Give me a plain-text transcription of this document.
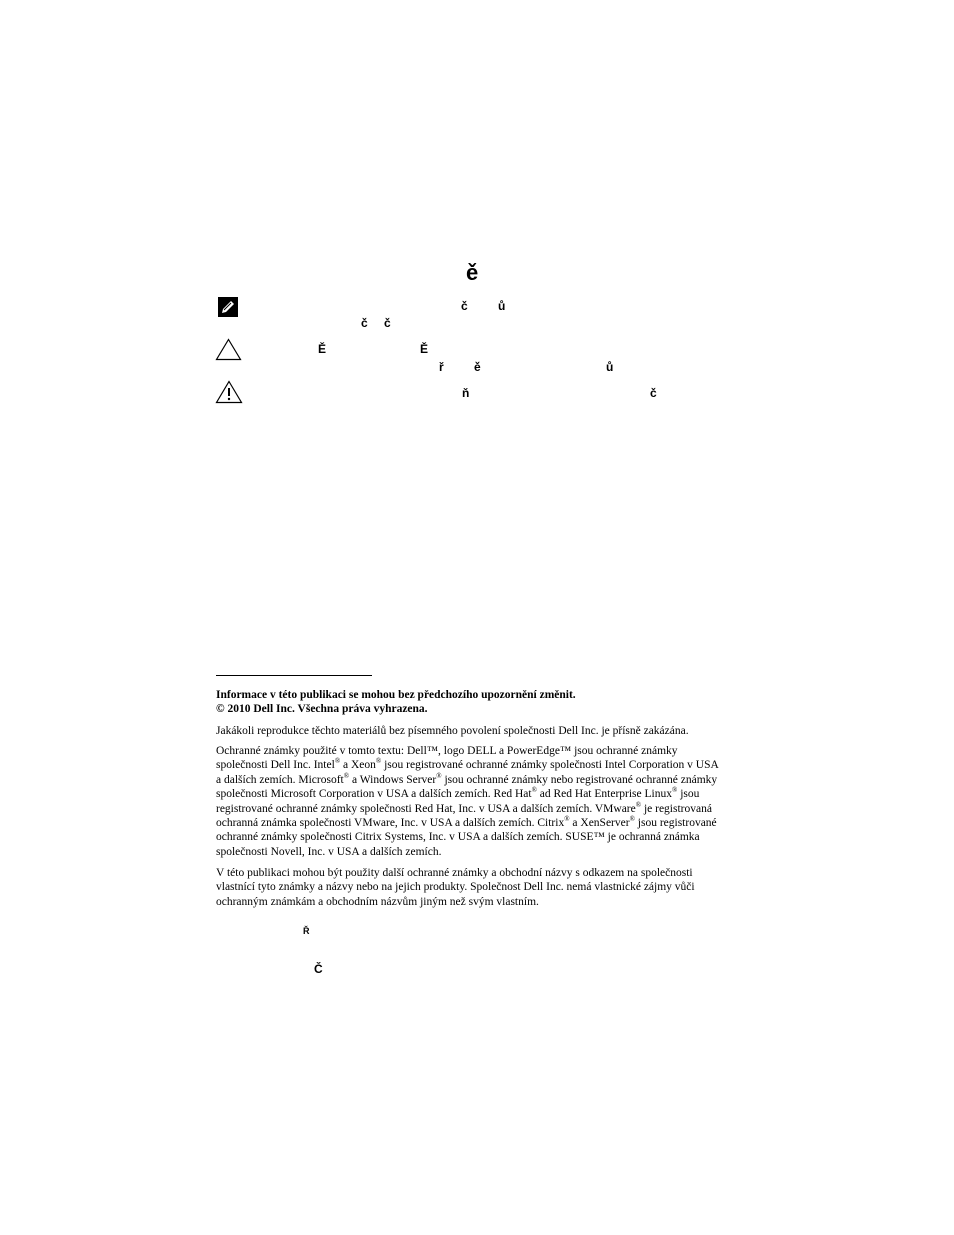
ě
č	ů
č č
Ě	Ě
ř	ě	ů
ň	č

Informace v této publikaci se mohou bez předchozího upozornění změnit.

© 2010 Dell Inc. Všechna práva vyhrazena.

Jakákoli reprodukce těchto materiálů bez písemného povolení společnosti Dell Inc. je přísně zakázána.

Ochranné známky použité v tomto textu: Dell™, logo DELL a PowerEdge™ jsou ochranné známky společnosti Dell Inc. Intel® a Xeon® jsou registrované ochranné známky společnosti Intel Corporation v USA a dalších zemích. Microsoft® a Windows Server® jsou ochranné známky nebo registrované ochranné známky společnosti Microsoft Corporation v USA a dalších zemích. Red Hat® ad Red Hat Enterprise Linux® jsou registrované ochranné známky společnosti Red Hat, Inc. v USA a dalších zemích. VMware® je registrovaná ochranná známka společnosti VMware, Inc. v USA a dalších zemích. Citrix® a XenServer® jsou registrované ochranné známky společnosti Citrix Systems, Inc. v USA a dalších zemích. SUSE™ je ochranná známka společnosti Novell, Inc. v USA a dalších zemích.

V této publikaci mohou být použity další ochranné známky a obchodní názvy s odkazem na společnosti vlastnící tyto známky a názvy nebo na jejich produkty. Společnost Dell Inc. nemá vlastnické zájmy vůči ochranným známkám a obchodním názvům jiným než svým vlastním.

Ř
Č
